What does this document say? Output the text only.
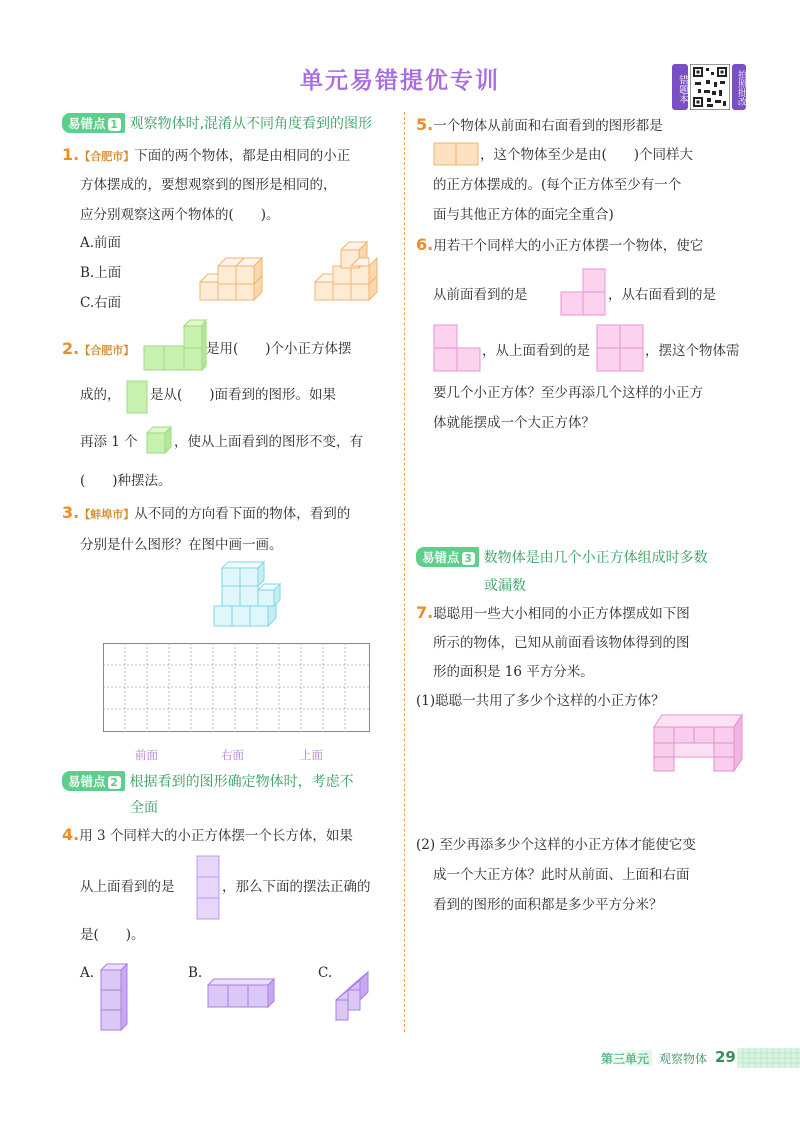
单元易错提优专训	错题本	拍照批改
易错点 1 观察物体时,混淆从不同角度看到的图形
1.【合肥市】下面的两个物体，都是由相同的小正
方体摆成的，要想观察到的图形是相同的，
应分别观察这两个物体的(　　)。
A.前面
B.上面
C.右面
2.【合肥市】	是用(　　)个小正方体摆
成的， 是从(　　)面看到的图形。如果
再添 1 个	，使从上面看到的图形不变，有
(　　)种摆法。
3.【蚌埠市】从不同的方向看下面的物体，看到的
分别是什么图形？在图中画一画。
前面	右面	上面
易错点 2 根据看到的图形确定物体时，考虑不
全面
4.用 3 个同样大的小正方体摆一个长方体，如果
从上面看到的是	，那么下面的摆法正确的
是(　　)。
A.	B.	C.
5.一个物体从前面和右面看到的图形都是
，这个物体至少是由(　　)个同样大
的正方体摆成的。(每个正方体至少有一个
面与其他正方体的面完全重合)
6.用若干个同样大的小正方体摆一个物体，使它
从前面看到的是	，从右面看到的是
，从上面看到的是	，摆这个物体需
要几个小正方体？至少再添几个这样的小正方
体就能摆成一个大正方体？
易错点 3 数物体是由几个小正方体组成时多数
或漏数
7.聪聪用一些大小相同的小正方体摆成如下图
所示的物体，已知从前面看该物体得到的图
形的面积是 16 平方分米。
(1)聪聪一共用了多少个这样的小正方体？
(2) 至少再添多少个这样的小正方体才能使它变
成一个大正方体？此时从前面、上面和右面
看到的图形的面积都是多少平方分米？
第三单元 观察物体 29
